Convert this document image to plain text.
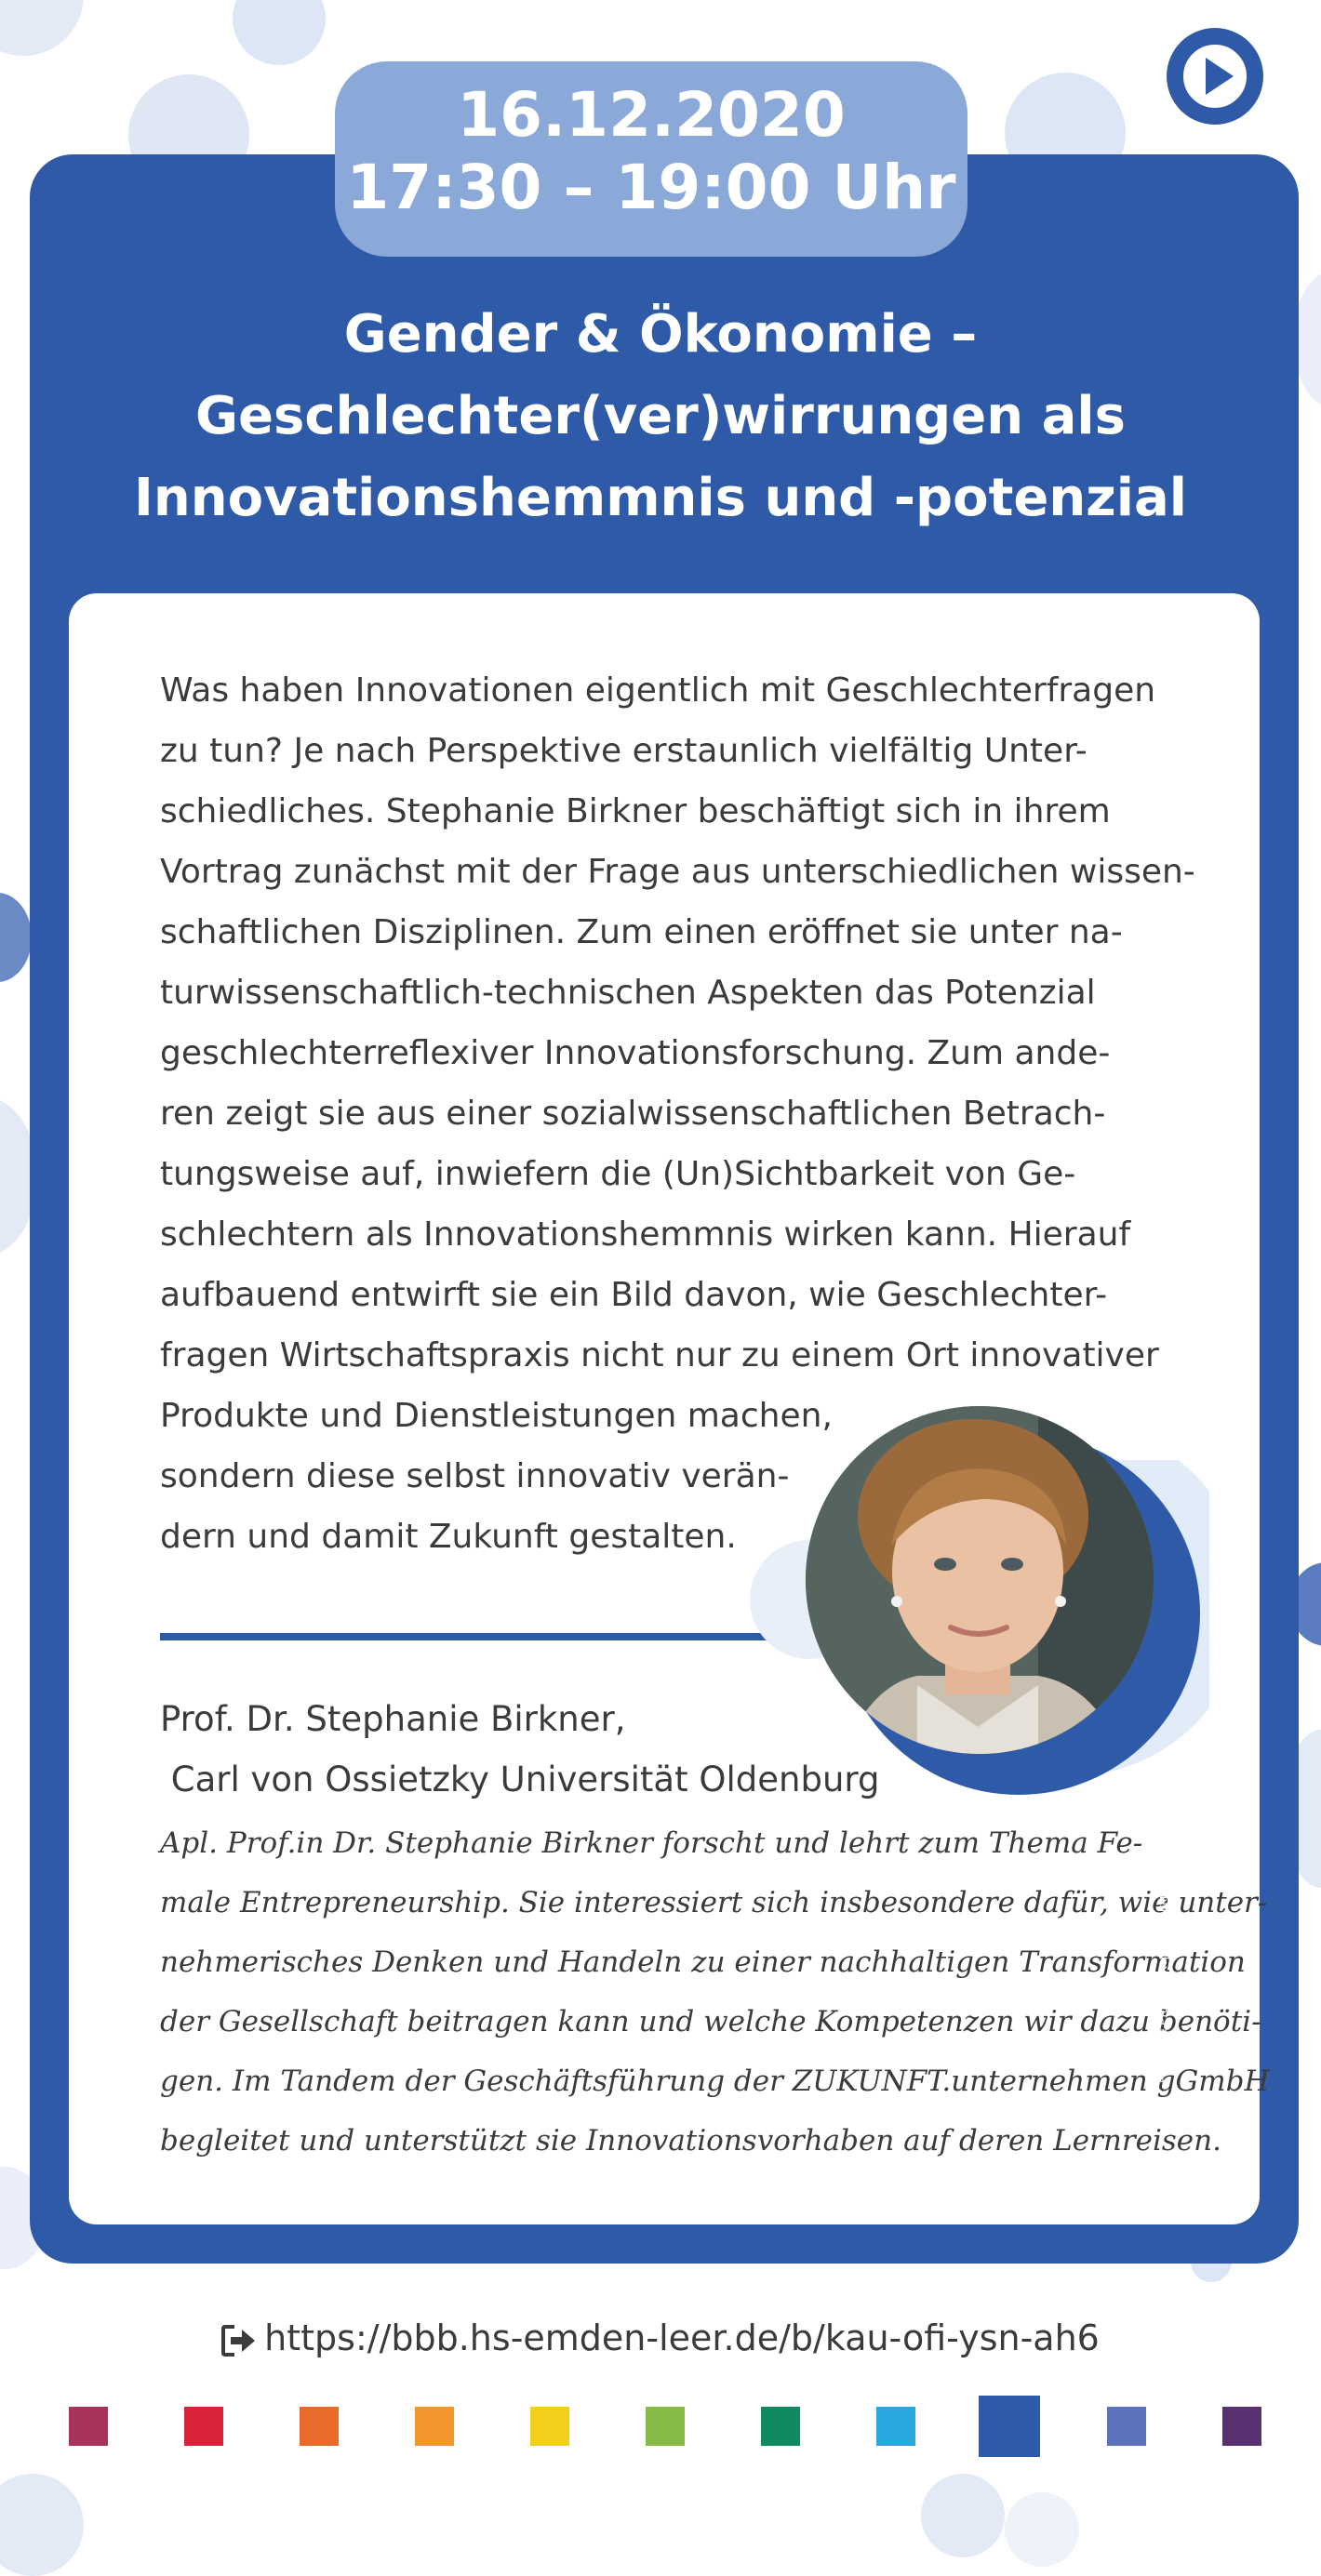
16.12.2020
17:30 – 19:00 Uhr
Gender & Ökonomie –
Geschlechter(ver)wirrungen als
Innovationshemmnis und -potenzial
Was haben Innovationen eigentlich mit Geschlechterfragen
zu tun? Je nach Perspektive erstaunlich vielfältig Unter-
schiedliches. Stephanie Birkner beschäftigt sich in ihrem
Vortrag zunächst mit der Frage aus unterschiedlichen wissen-
schaftlichen Disziplinen. Zum einen eröffnet sie unter na-
turwissenschaftlich-technischen Aspekten das Potenzial
geschlechterreflexiver Innovationsforschung. Zum ande-
ren zeigt sie aus einer sozialwissenschaftlichen Betrach-
tungsweise auf, inwiefern die (Un)Sichtbarkeit von Ge-
schlechtern als Innovationshemmnis wirken kann. Hierauf
aufbauend entwirft sie ein Bild davon, wie Geschlechter-
fragen Wirtschaftspraxis nicht nur zu einem Ort innovativer
Produkte und Dienstleistungen machen,
sondern diese selbst innovativ verän-
dern und damit Zukunft gestalten.
Prof. Dr. Stephanie Birkner,
Carl von Ossietzky Universität Oldenburg
Apl. Prof.in Dr. Stephanie Birkner forscht und lehrt zum Thema Fe-
male Entrepreneurship. Sie interessiert sich insbesondere dafür, wie unter-
nehmerisches Denken und Handeln zu einer nachhaltigen Transformation
der Gesellschaft beitragen kann und welche Kompetenzen wir dazu benöti-
gen. Im Tandem der Geschäftsführung der ZUKUNFT.unternehmen gGmbH
begleitet und unterstützt sie Innovationsvorhaben auf deren Lernreisen.
Fotografie Prof. Dr. Stephanie Birkner · © Grep GmbH
https://bbb.hs-emden-leer.de/b/kau-ofi-ysn-ah6
